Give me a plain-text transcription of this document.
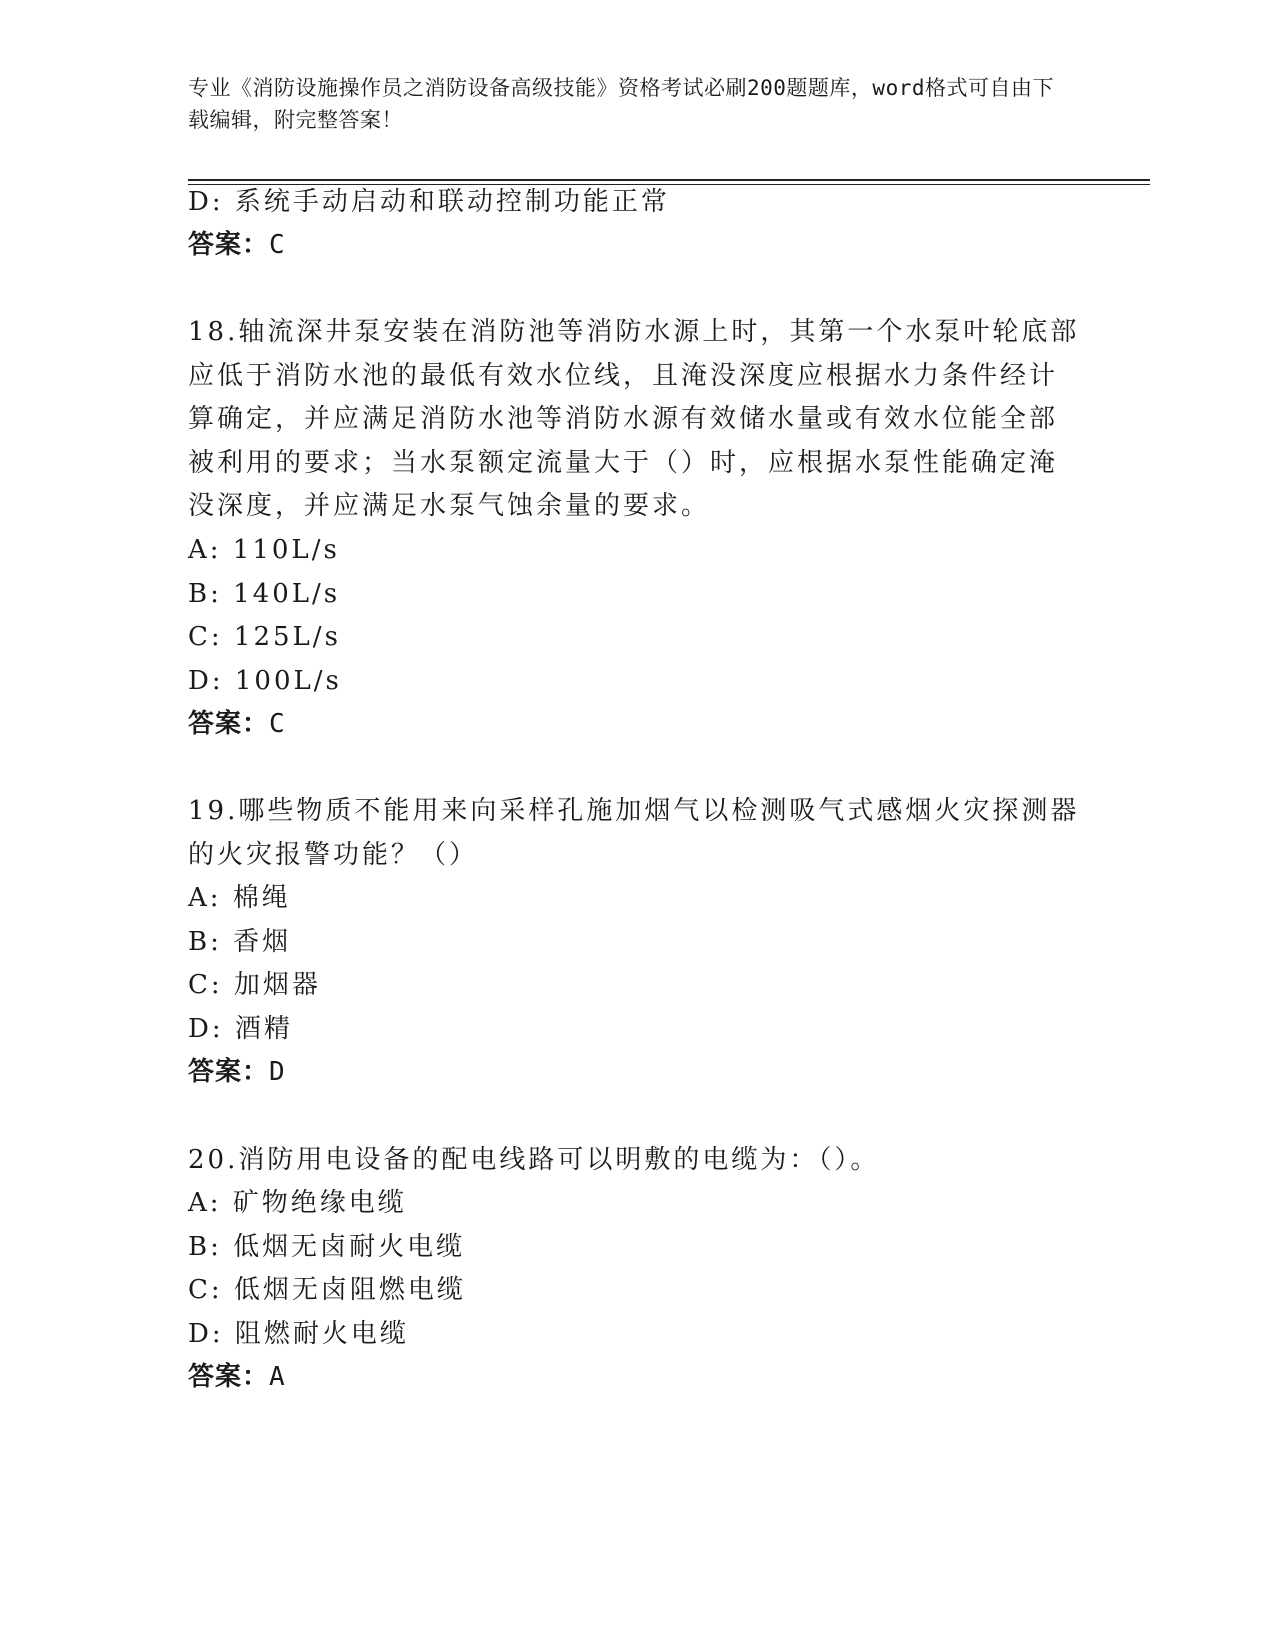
专业《消防设施操作员之消防设备高级技能》资格考试必刷200题题库，word格式可自由下载编辑，附完整答案！
D: 系统手动启动和联动控制功能正常
答案：C
18.轴流深井泵安装在消防池等消防水源上时，其第一个水泵叶轮底部
应低于消防水池的最低有效水位线，且淹没深度应根据水力条件经计
算确定，并应满足消防水池等消防水源有效储水量或有效水位能全部
被利用的要求；当水泵额定流量大于（）时，应根据水泵性能确定淹
没深度，并应满足水泵气蚀余量的要求。
A: 110L/s
B: 140L/s
C: 125L/s
D: 100L/s
答案：C
19.哪些物质不能用来向采样孔施加烟气以检测吸气式感烟火灾探测器
的火灾报警功能？（）
A: 棉绳
B: 香烟
C: 加烟器
D: 酒精
答案：D
20.消防用电设备的配电线路可以明敷的电缆为：（）。
A: 矿物绝缘电缆
B: 低烟无卤耐火电缆
C: 低烟无卤阻燃电缆
D: 阻燃耐火电缆
答案：A
